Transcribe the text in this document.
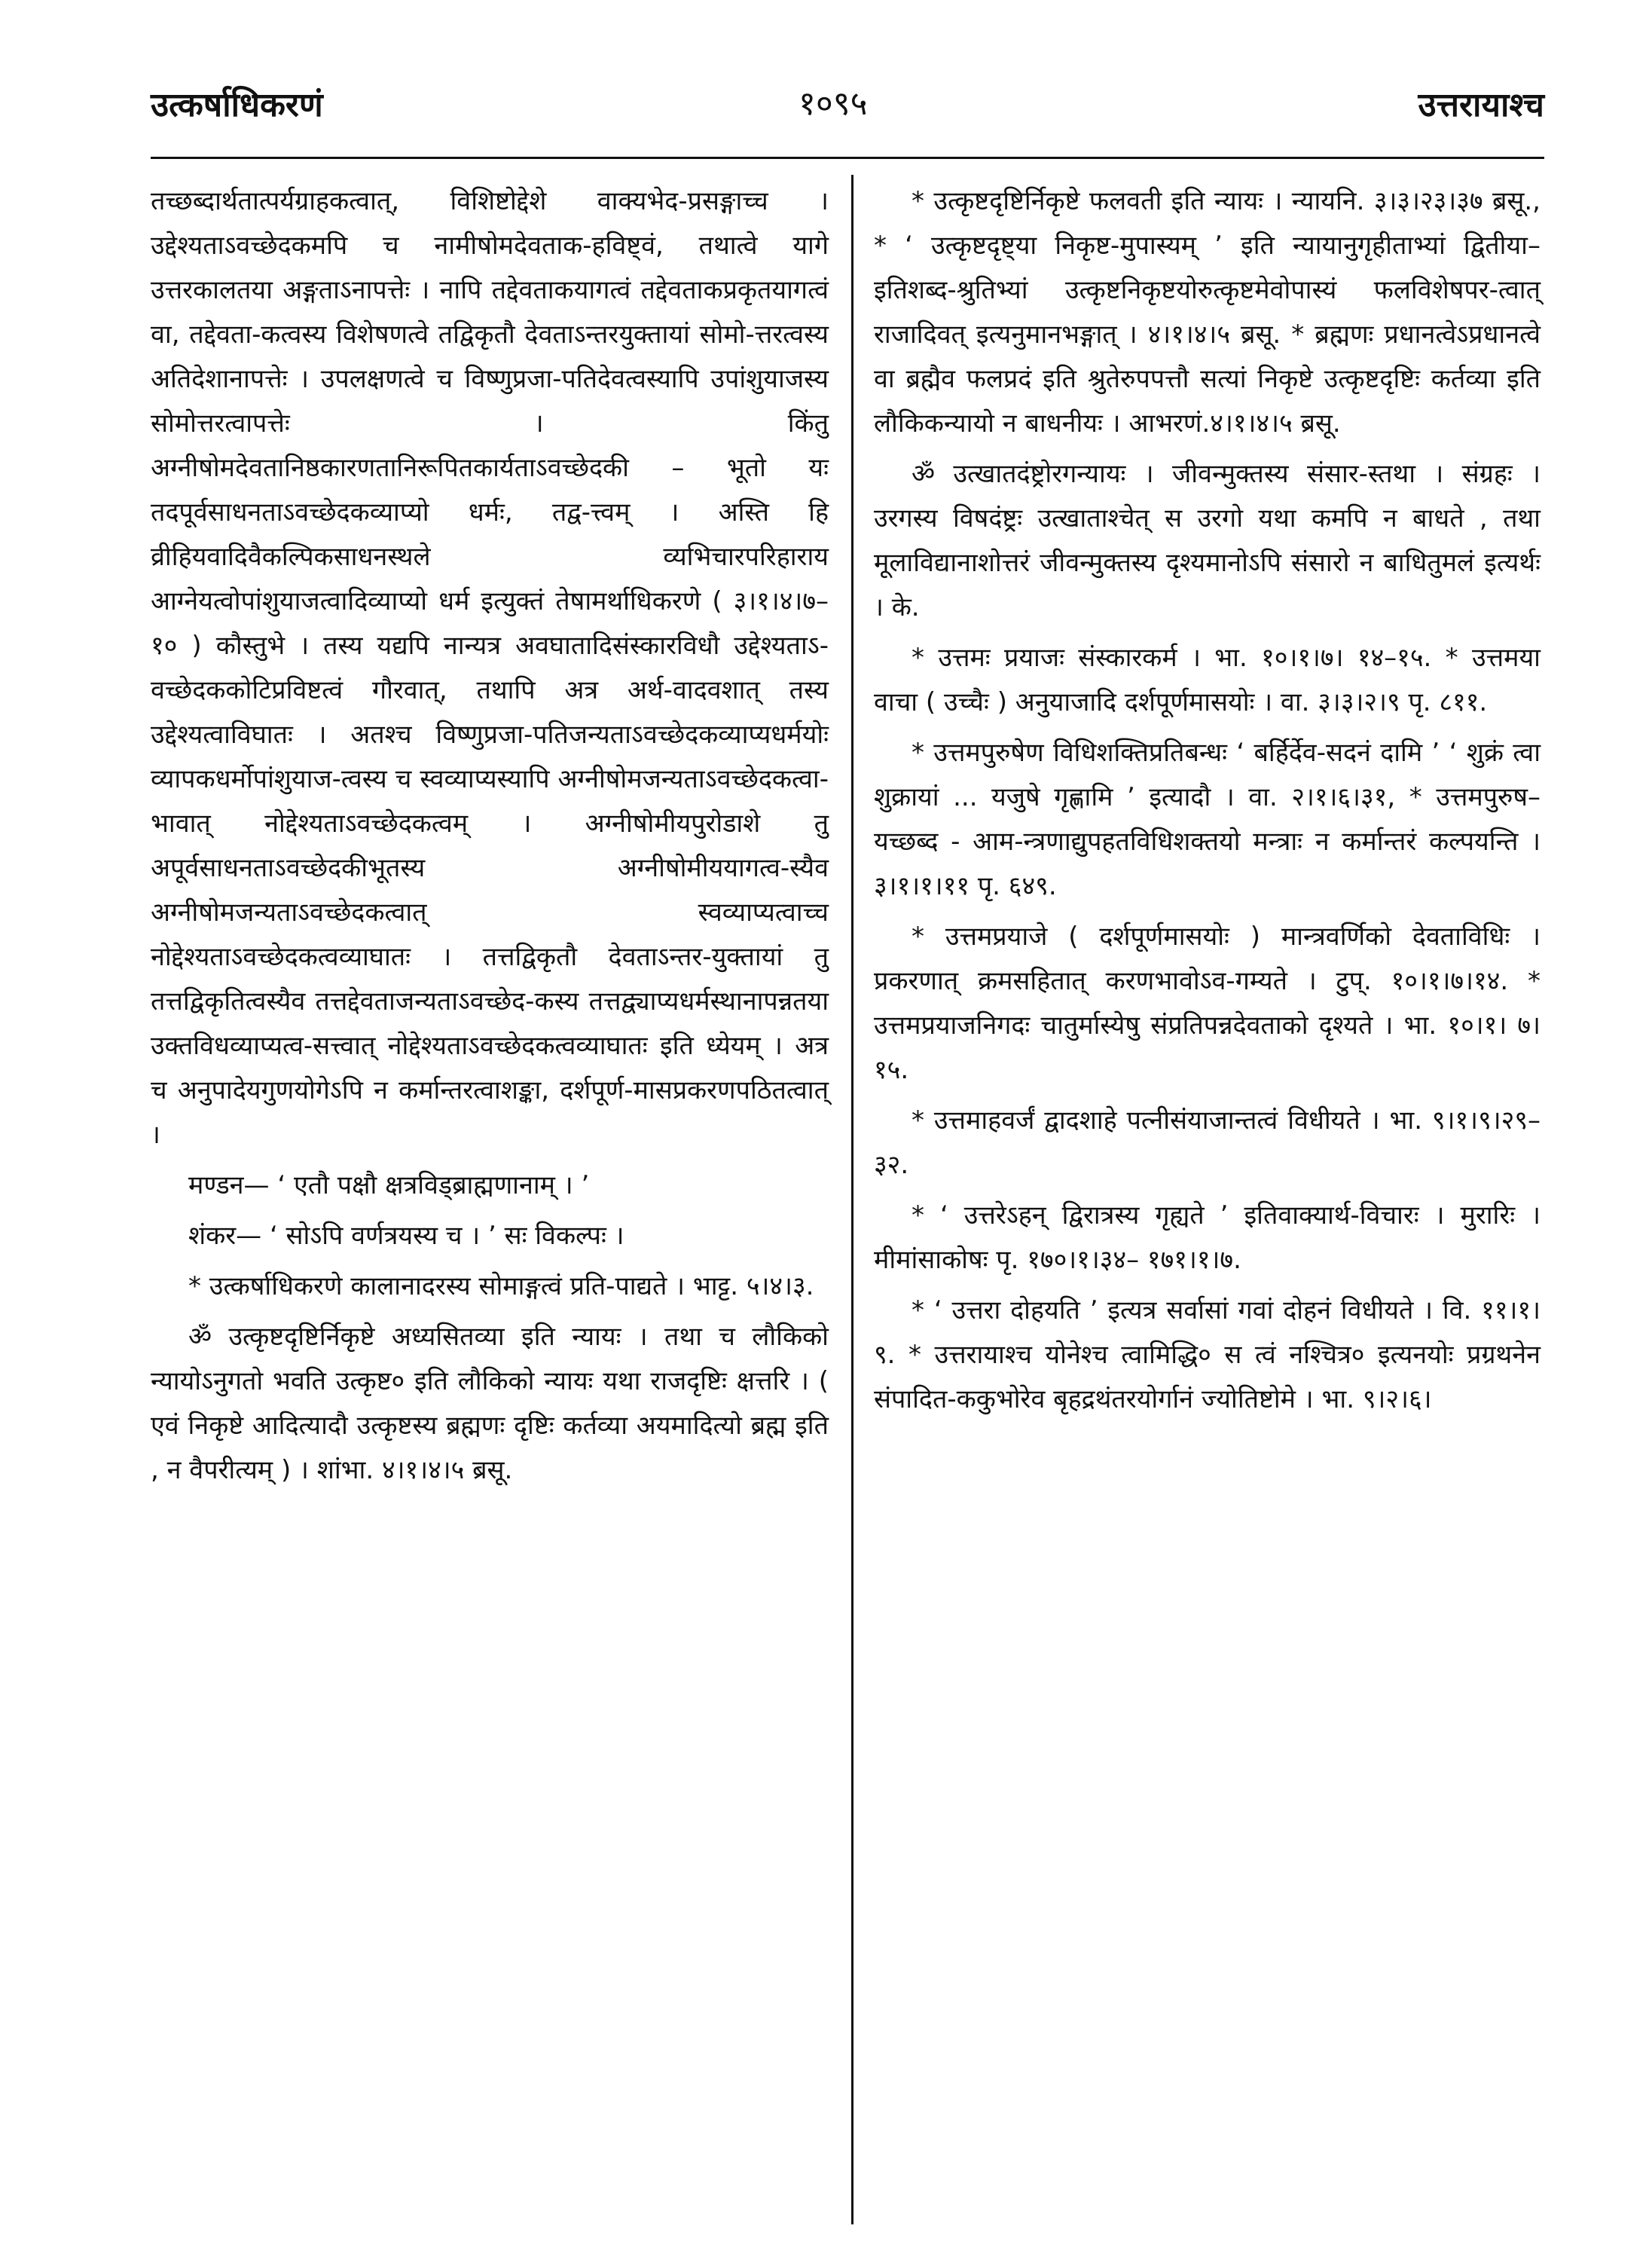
उत्कर्षाधिकरणं	१०९५	उत्तरायाश्च

तच्छब्दार्थतात्पर्यग्राहकत्वात्, विशिष्टोद्देशे वाक्यभेद-प्रसङ्गाच्च । उद्देश्यताऽवच्छेदकमपि च नामीषोमदेवताक-हविष्ट्वं, तथात्वे यागे उत्तरकालतया अङ्गताऽनापत्तेः । नापि तद्देवताकयागत्वं तद्देवताकप्रकृतयागत्वं वा, तद्देवता-कत्वस्य विशेषणत्वे तद्विकृतौ देवताऽन्तरयुक्तायां सोमो-त्तरत्वस्य अतिदेशानापत्तेः । उपलक्षणत्वे च विष्णुप्रजा-पतिदेवत्वस्यापि उपांशुयाजस्य सोमोत्तरत्वापत्तेः । किंतु अग्नीषोमदेवतानिष्ठकारणतानिरूपितकार्यताऽवच्छेदकी – भूतो यः तदपूर्वसाधनताऽवच्छेदकव्याप्यो धर्मः, तद्व-त्त्वम् । अस्ति हि व्रीहियवादिवैकल्पिकसाधनस्थले व्यभिचारपरिहाराय आग्नेयत्वोपांशुयाजत्वादिव्याप्यो धर्म इत्युक्तं तेषामर्थाधिकरणे ( ३।१।४।७–१० ) कौस्तुभे । तस्य यद्यपि नान्यत्र अवघातादिसंस्कारविधौ उद्देश्यताऽ-वच्छेदककोटिप्रविष्टत्वं गौरवात्, तथापि अत्र अर्थ-वादवशात् तस्य उद्देश्यत्वाविघातः । अतश्च विष्णुप्रजा-पतिजन्यताऽवच्छेदकव्याप्यधर्मयोः व्यापकधर्मोपांशुयाज-त्वस्य च स्वव्याप्यस्यापि अग्नीषोमजन्यताऽवच्छेदकत्वा-भावात् नोद्देश्यताऽवच्छेदकत्वम् । अग्नीषोमीयपुरोडाशे तु अपूर्वसाधनताऽवच्छेदकीभूतस्य अग्नीषोमीययागत्व-स्यैव अग्नीषोमजन्यताऽवच्छेदकत्वात् स्वव्याप्यत्वाच्च नोद्देश्यताऽवच्छेदकत्वव्याघातः । तत्तद्विकृतौ देवताऽन्तर-युक्तायां तु तत्तद्विकृतित्वस्यैव तत्तद्देवताजन्यताऽवच्छेद-कस्य तत्तद्व्याप्यधर्मस्थानापन्नतया उक्तविधव्याप्यत्व-सत्त्वात् नोद्देश्यताऽवच्छेदकत्वव्याघातः इति ध्येयम् । अत्र च अनुपादेयगुणयोगेऽपि न कर्मान्तरत्वाशङ्का, दर्शपूर्ण-मासप्रकरणपठितत्वात् ।

मण्डन— ‘ एतौ पक्षौ क्षत्रविड्ब्राह्मणानाम् । ’

शंकर— ‘ सोऽपि वर्णत्रयस्य च । ’ सः विकल्पः ।

* उत्कर्षाधिकरणे कालानादरस्य सोमाङ्गत्वं प्रति-पाद्यते । भाट्ट. ५।४।३.

ॐ उत्कृष्टदृष्टिर्निकृष्टे अध्यसितव्या इति न्यायः । तथा च लौकिको न्यायोऽनुगतो भवति उत्कृष्ट० इति लौकिको न्यायः यथा राजदृष्टिः क्षत्तरि । ( एवं निकृष्टे आदित्यादौ उत्कृष्टस्य ब्रह्मणः दृष्टिः कर्तव्या अयमादित्यो ब्रह्म इति , न वैपरीत्यम् ) । शांभा. ४।१।४।५ ब्रसू.

* उत्कृष्टदृष्टिर्निकृष्टे फलवती इति न्यायः । न्यायनि. ३।३।२३।३७ ब्रसू., * ‘ उत्कृष्टदृष्ट्या निकृष्ट-मुपास्यम् ’ इति न्यायानुगृहीताभ्यां द्वितीया–इतिशब्द-श्रुतिभ्यां उत्कृष्टनिकृष्टयोरुत्कृष्टमेवोपास्यं फलविशेषपर-त्वात् राजादिवत् इत्यनुमानभङ्गात् । ४।१।४।५ ब्रसू. * ब्रह्मणः प्रधानत्वेऽप्रधानत्वे वा ब्रह्मैव फलप्रदं इति श्रुतेरुपपत्तौ सत्यां निकृष्टे उत्कृष्टदृष्टिः कर्तव्या इति लौकिकन्यायो न बाधनीयः । आभरणं.४।१।४।५ ब्रसू.

ॐ उत्खातदंष्ट्रोरगन्यायः । जीवन्मुक्तस्य संसार-स्तथा । संग्रहः । उरगस्य विषदंष्ट्रः उत्खाताश्चेत् स उरगो यथा कमपि न बाधते , तथा मूलाविद्यानाशोत्तरं जीवन्मुक्तस्य दृश्यमानोऽपि संसारो न बाधितुमलं इत्यर्थः । के.

* उत्तमः प्रयाजः संस्कारकर्म । भा. १०।१।७। १४–१५. * उत्तमया वाचा ( उच्चैः ) अनुयाजादि दर्शपूर्णमासयोः । वा. ३।३।२।९ पृ. ८११.

* उत्तमपुरुषेण विधिशक्तिप्रतिबन्धः ‘ बर्हिर्देव-सदनं दामि ’ ‘ शुक्रं त्वा शुक्रायां ... यजुषे गृह्णामि ’ इत्यादौ । वा. २।१।६।३१, * उत्तमपुरुष–यच्छब्द - आम-न्त्रणाद्युपहतविधिशक्तयो मन्त्राः न कर्मान्तरं कल्पयन्ति । ३।१।१।११ पृ. ६४९.

* उत्तमप्रयाजे ( दर्शपूर्णमासयोः ) मान्त्रवर्णिको देवताविधिः । प्रकरणात् क्रमसहितात् करणभावोऽव-गम्यते । टुप्. १०।१।७।१४. * उत्तमप्रयाजनिगदः चातुर्मास्येषु संप्रतिपन्नदेवताको दृश्यते । भा. १०।१। ७।१५.

* उत्तमाहवर्जं द्वादशाहे पत्नीसंयाजान्तत्वं विधीयते । भा. ९।१।९।२९–३२.

* ‘ उत्तरेऽहन् द्विरात्रस्य गृह्यते ’ इतिवाक्यार्थ-विचारः । मुरारिः । मीमांसाकोषः पृ. १७०।१।३४– १७१।१।७.

* ‘ उत्तरा दोहयति ’ इत्यत्र सर्वासां गवां दोहनं विधीयते । वि. ११।१।९. * उत्तरायाश्च योनेश्च त्वामिद्धि० स त्वं नश्चित्र० इत्यनयोः प्रग्रथनेन संपादित-ककुभोरेव बृहद्रथंतरयोर्गानं ज्योतिष्टोमे । भा. ९।२।६।
